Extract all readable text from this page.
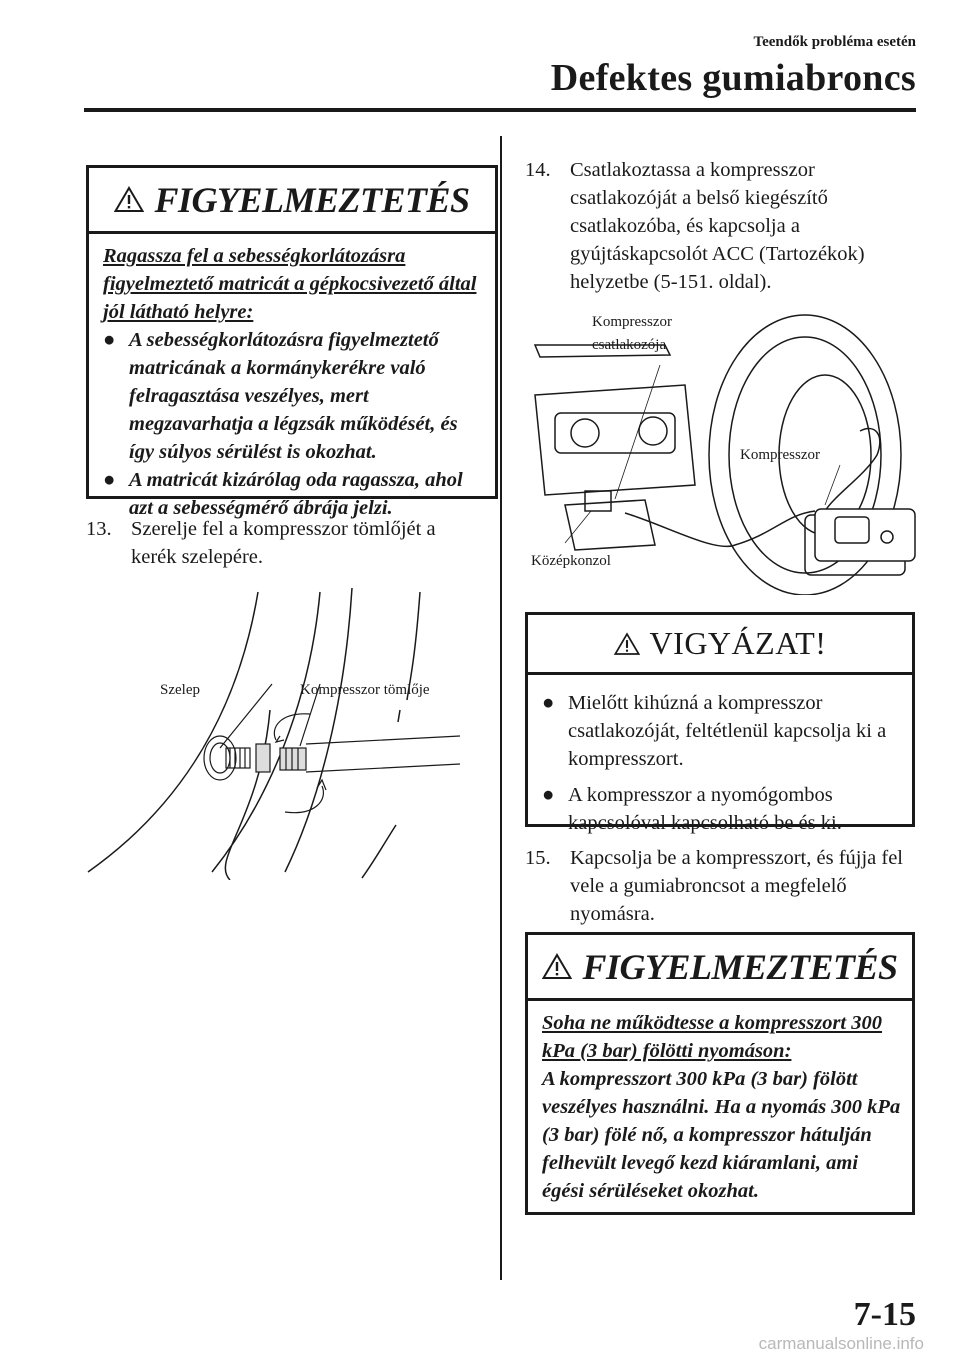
Teendők probléma esetén
Defektes gumiabroncs
FIGYELMEZTETÉS
Ragassza fel a sebességkorlátozásra figyelmeztető matricát a gépkocsivezető által jól látható helyre:
● A sebességkorlátozásra figyelmeztető matricának a kormánykerékre való felragasztása veszélyes, mert megzavarhatja a légzsák működését, és így súlyos sérülést is okozhat.
● A matricát kizárólag oda ragassza, ahol azt a sebességmérő ábrája jelzi.
13. Szerelje fel a kompresszor tömlőjét a kerék szelepére.
Szelep	Kompresszor tömlője
14. Csatlakoztassa a kompresszor csatlakozóját a belső kiegészítő csatlakozóba, és kapcsolja a gyújtáskapcsolót ACC (Tartozékok) helyzetbe (5-151. oldal).
Kompresszor
csatlakozója
Kompresszor
Középkonzol
VIGYÁZAT!
● Mielőtt kihúzná a kompresszor csatlakozóját, feltétlenül kapcsolja ki a kompresszort.
● A kompresszor a nyomógombos kapcsolóval kapcsolható be és ki.
15. Kapcsolja be a kompresszort, és fújja fel vele a gumiabroncsot a megfelelő nyomásra.
FIGYELMEZTETÉS
Soha ne működtesse a kompresszort 300 kPa (3 bar) fölötti nyomáson:
A kompresszort 300 kPa (3 bar) fölött veszélyes használni. Ha a nyomás 300 kPa (3 bar) fölé nő, a kompresszor hátulján felhevült levegő kezd kiáramlani, ami égési sérüléseket okozhat.
7-15
carmanualsonline.info
